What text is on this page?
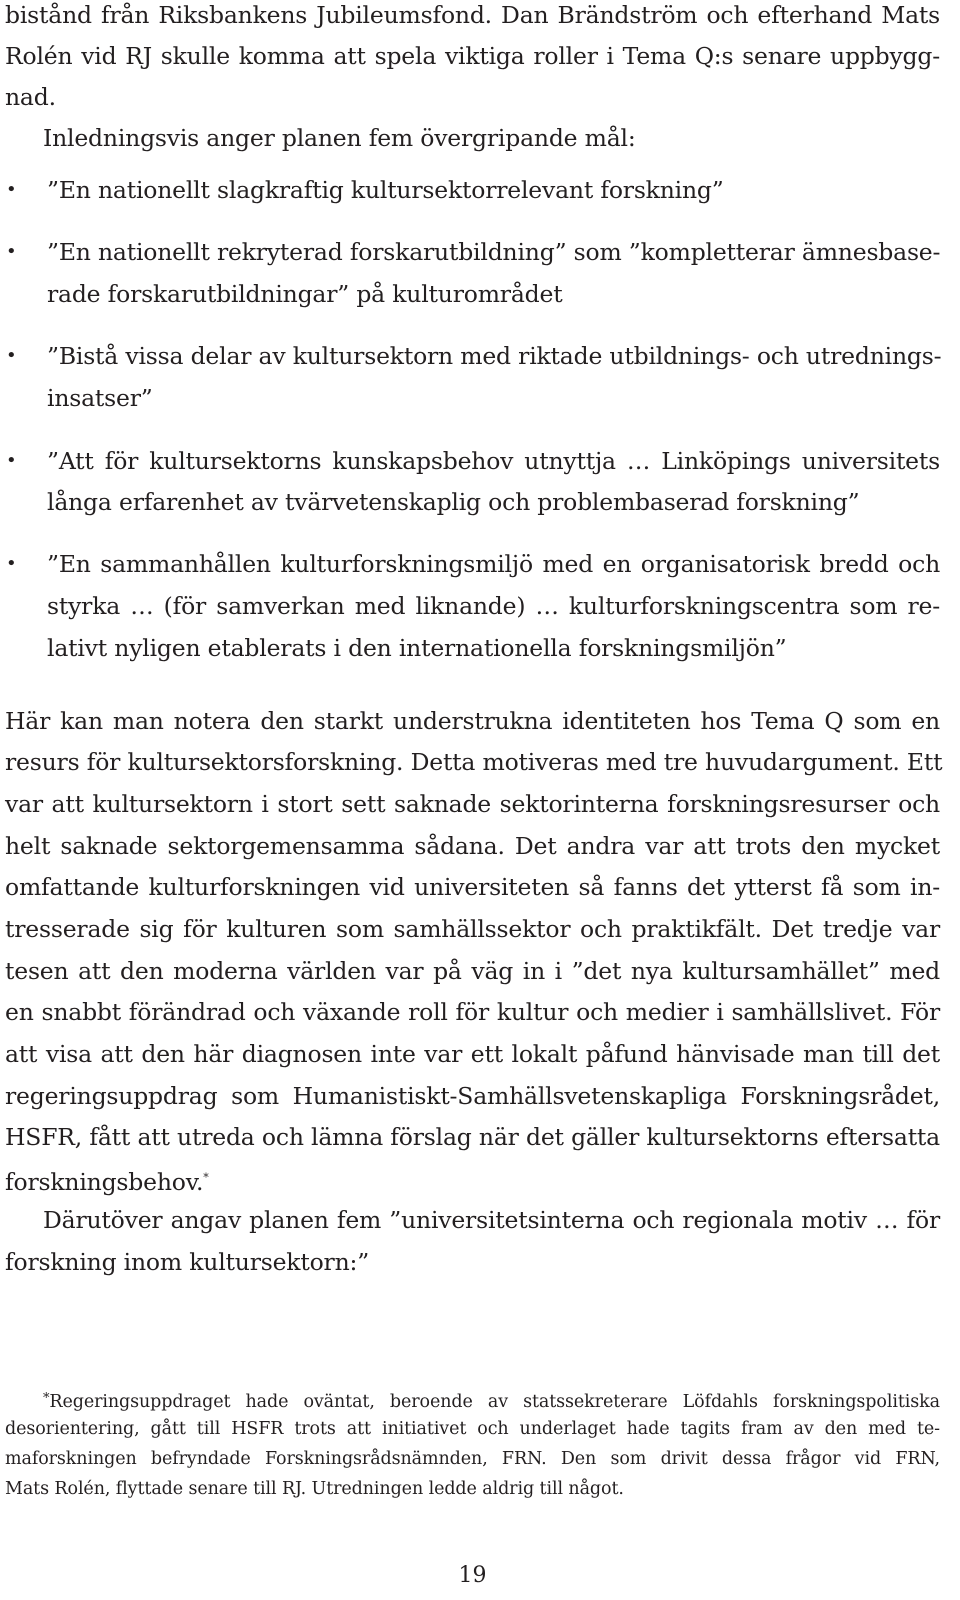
bistånd från Riksbankens Jubileumsfond. Dan Brändström och efterhand Mats
Rolén vid RJ skulle komma att spela viktiga roller i Tema Q:s senare uppbygg-
nad.
Inledningsvis anger planen fem övergripande mål:
• ”En nationellt slagkraftig kultursektorrelevant forskning”
• ”En nationellt rekryterad forskarutbildning” som ”kompletterar ämnesbase-
rade forskarutbildningar” på kulturområdet
• ”Bistå vissa delar av kultursektorn med riktade utbildnings- och utrednings-
insatser”
• ”Att för kultursektorns kunskapsbehov utnyttja … Linköpings universitets
långa erfarenhet av tvärvetenskaplig och problembaserad forskning”
• ”En sammanhållen kulturforskningsmiljö med en organisatorisk bredd och
styrka … (för samverkan med liknande) … kulturforskningscentra som re-
lativt nyligen etablerats i den internationella forskningsmiljön”
Här kan man notera den starkt understrukna identiteten hos Tema Q som en
resurs för kultursektorsforskning. Detta motiveras med tre huvudargument. Ett
var att kultursektorn i stort sett saknade sektorinterna forskningsresurser och
helt saknade sektorgemensamma sådana. Det andra var att trots den mycket
omfattande kulturforskningen vid universiteten så fanns det ytterst få som in-
tresserade sig för kulturen som samhällssektor och praktikfält. Det tredje var
tesen att den moderna världen var på väg in i ”det nya kultursamhället” med
en snabbt förändrad och växande roll för kultur och medier i samhällslivet. För
att visa att den här diagnosen inte var ett lokalt påfund hänvisade man till det
regeringsuppdrag som Humanistiskt-Samhällsvetenskapliga Forskningsrådet,
HSFR, fått att utreda och lämna förslag när det gäller kultursektorns eftersatta
forskningsbehov.*
Därutöver angav planen fem ”universitetsinterna och regionala motiv … för
forskning inom kultursektorn:”
*Regeringsuppdraget hade oväntat, beroende av statssekreterare Löfdahls forskningspolitiska
desorientering, gått till HSFR trots att initiativet och underlaget hade tagits fram av den med te-
maforskningen befryndade Forskningsrådsnämnden, FRN. Den som drivit dessa frågor vid FRN,
Mats Rolén, flyttade senare till RJ. Utredningen ledde aldrig till något.
19
